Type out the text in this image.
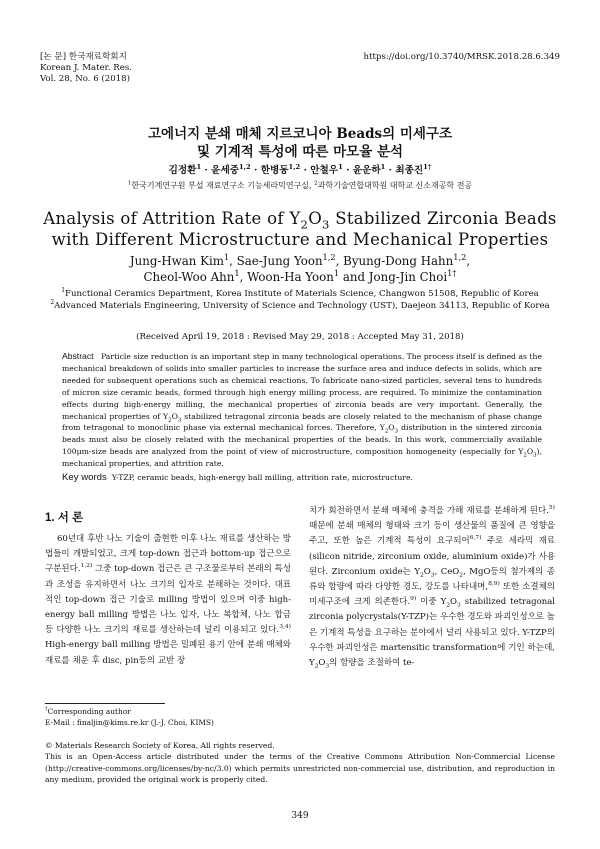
[논 문] 한국재료학회지
Korean J. Mater. Res.
Vol. 28, No. 6 (2018)
https://doi.org/10.3740/MRSK.2018.28.6.349
고에너지 분쇄 매체 지르코니아 Beads의 미세구조
및 기계적 특성에 따른 마모율 분석
김정환$^1$ · 윤세중$^{1,2}$ · 한병동$^{1,2}$ · 안철우$^1$ · 윤운하$^1$ · 최종진$^{1\dagger}$
$^1$한국기계연구원 부설 재료연구소 기능세라믹연구실, $^2$과학기술연합대학원 대학교 신소재공학 전공
Analysis of Attrition Rate of $Y_2O_3$ Stabilized Zirconia Beads
with Different Microstructure and Mechanical Properties
Jung-Hwan Kim$^1$, Sae-Jung Yoon$^{1,2}$, Byung-Dong Hahn$^{1,2}$,
Cheol-Woo Ahn$^1$, Woon-Ha Yoon$^1$ and Jong-Jin Choi$^{1\dagger}$
$^1$Functional Ceramics Department, Korea Institute of Materials Science, Changwon 51508, Republic of Korea
$^2$Advanced Materials Engineering, University of Science and Technology (UST), Daejeon 34113, Republic of Korea
(Received April 19, 2018 : Revised May 29, 2018 : Accepted May 31, 2018)
Abstract Particle size reduction is an important step in many technological operations. The process itself is defined as the mechanical breakdown of solids into smaller particles to increase the surface area and induce defects in solids, which are needed for subsequent operations such as chemical reactions. To fabricate nano-sized particles, several tens to hundreds of micron size ceramic beads, formed through high energy milling process, are required. To minimize the contamination effects during high-energy milling, the mechanical properties of zirconia beads are very important. Generally, the mechanical properties of $Y_2O_3$ stabilized tetragonal zirconia beads are closely related to the mechanism of phase change from tetragonal to monoclinic phase via external mechanical forces. Therefore, $Y_2O_3$ distribution in the sintered zirconia beads must also be closely related with the mechanical properties of the beads. In this work, commercially available 100μm-size beads are analyzed from the point of view of microstructure, composition homogeneity (especially for $Y_2O_3$), mechanical properties, and attrition rate.
Key words Y-TZP, ceramic beads, high-energy ball milling, attrition rate, microstructure.
1. 서 론
60년대 후반 나노 기술이 출현한 이후 나노 재료를 생산하는 방법들이 개발되었고, 크게 top-down 접근과 bottom-up 접근으로 구분된다.$^{1,2)}$ 그중 top-down 접근은 큰 구조물로부터 본래의 특성과 조성을 유지하면서 나노 크기의 입자로 분해하는 것이다. 대표적인 top-down 접근 기술로 milling 방법이 있으며 이중 high-energy ball milling 방법은 나노 입자, 나노 복합체, 나노 합금 등 다양한 나노 크기의 재료를 생산하는데 널리 이용되고 있다.$^{3,4)}$ High-energy ball milling 방법은 밀폐된 용기 안에 분쇄 매체와 재료를 채운 후 disc, pin등의 교반 장
치가 회전하면서 분쇄 매체에 충격을 가해 재료를 분쇄하게 된다.$^{5)}$ 때문에 분쇄 매체의 형태와 크기 등이 생산물의 품질에 큰 영향을 주고, 또한 높은 기계적 특성이 요구되어$^{6,7)}$ 주로 세라믹 재료(silicon nitride, zirconium oxide, aluminium oxide)가 사용된다. Zirconium oxide는 $Y_2O_3$, CeO$_2$, MgO등의 첨가제의 종류와 함량에 따라 다양한 경도, 강도를 나타내며,$^{8,9)}$ 또한 소결체의 미세구조에 크게 의존한다.$^{9)}$ 이중 $Y_2O_3$ stabilized tetragonal zirconia polycrystals(Y-TZP)는 우수한 경도와 파괴인성으로 높은 기계적 특성을 요구하는 분야에서 널리 사용되고 있다. Y-TZP의 우수한 파괴인성은 martensitic transformation에 기인 하는데, $Y_2O_3$의 함량을 조절하여 te-
†Corresponding author
E-Mail : finaljin@kims.re.kr (J.-J. Choi, KIMS)
© Materials Research Society of Korea, All rights reserved.
This is an Open-Access article distributed under the terms of the Creative Commons Attribution Non-Commercial License (http://creative-commons.org/licenses/by-nc/3.0) which permits unrestricted non-commercial use, distribution, and reproduction in any medium, provided the original work is properly cited.
349
